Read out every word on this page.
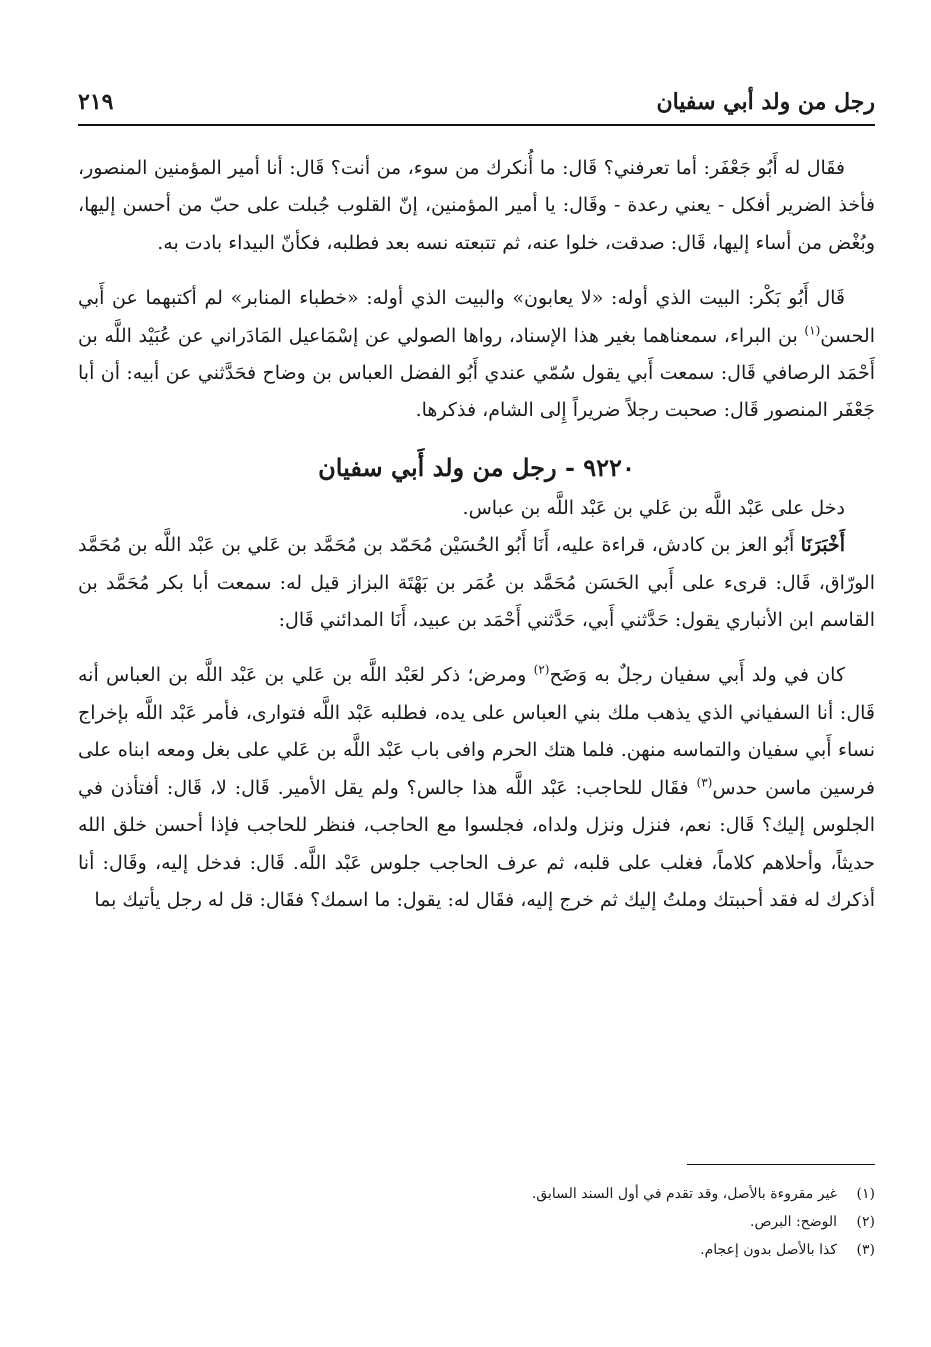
رجل من ولد أبي سفيان
٢١٩

فقَال له أَبُو جَعْفَر: أما تعرفني؟ قَال: ما أُنكرك من سوء، من أنت؟ قَال: أنا أمير المؤمنين المنصور، فأخذ الضرير أفكل - يعني رعدة - وقَال: يا أمير المؤمنين، إنّ القلوب جُبلت على حبّ من أحسن إليها، وبُغْض من أساء إليها، قَال: صدقت، خلوا عنه، ثم تتبعته نسه بعد فطلبه، فكأنّ البيداء بادت به.

قَال أَبُو بَكْر: البيت الذي أوله: «لا يعابون» والبيت الذي أوله: «خطباء المنابر» لم أكتبهما عن أَبي الحسن$^{(١)}$ بن البراء، سمعناهما بغير هذا الإسناد، رواها الصولي عن إسْمَاعيل المَادَراني عن عُبَيْد اللَّه بن أَحْمَد الرصافي قَال: سمعت أَبي يقول سُمّي عندي أَبُو الفضل العباس بن وضاح فحَدَّثني عن أبيه: أن أبا جَعْفَر المنصور قَال: صحبت رجلاً ضريراً إِلى الشام، فذكرها.

٩٢٢٠ - رجل من ولد أَبي سفيان

دخل على عَبْد اللَّه بن عَلي بن عَبْد اللَّه بن عباس.

أَخْبَرَنَا أَبُو العز بن كادش، قراءة عليه، أَنَا أَبُو الحُسَيْن مُحَمّد بن مُحَمَّد بن عَلي بن عَبْد اللَّه بن مُحَمَّد الورّاق، قَال: قرىء على أَبي الحَسَن مُحَمَّد بن عُمَر بن بَهْتَة البزاز قيل له: سمعت أبا بكر مُحَمَّد بن القاسم ابن الأنباري يقول: حَدَّثني أَبي، حَدَّثني أَحْمَد بن عبيد، أَنَا المدائني قَال:

كان في ولد أَبي سفيان رجلٌ به وَضَح$^{(٢)}$ ومرض؛ ذكر لعَبْد اللَّه بن عَلي بن عَبْد اللَّه بن العباس أنه قَال: أنا السفياني الذي يذهب ملك بني العباس على يده، فطلبه عَبْد اللَّه فتوارى، فأمر عَبْد اللَّه بإخراج نساء أَبي سفيان والتماسه منهن. فلما هتك الحرم وافى باب عَبْد اللَّه بن عَلي على بغل ومعه ابناه على فرسين ماسن حدس$^{(٣)}$ فقَال للحاجب: عَبْد اللَّه هذا جالس؟ ولم يقل الأمير. قَال: لا، قَال: أفتأذن في الجلوس إليك؟ قَال: نعم، فنزل ونزل ولداه، فجلسوا مع الحاجب، فنظر للحاجب فإذا أحسن خلق الله حديثاً، وأحلاهم كلاماً، فغلب على قلبه، ثم عرف الحاجب جلوس عَبْد اللَّه. قَال: فدخل إليه، وقَال: أنا أذكرك له فقد أحببتك وملتُ إليك ثم خرج إليه، فقَال له: يقول: ما اسمك؟ فقَال: قل له رجل يأتيك بما

(١)
غير مقروءة بالأصل، وقد تقدم في أول السند السابق.
(٢)
الوضح: البرص.
(٣)
كذا بالأصل بدون إعجام.
